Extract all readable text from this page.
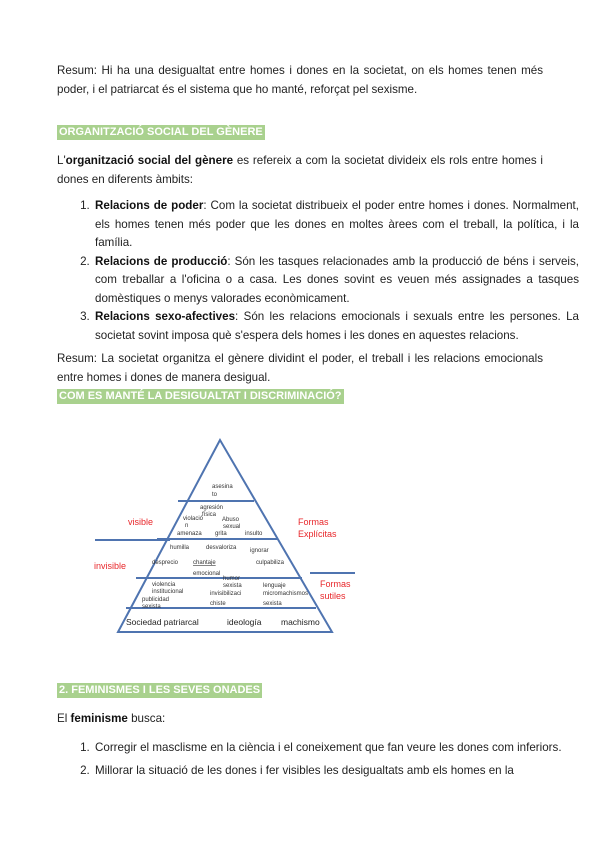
Resum: Hi ha una desigualtat entre homes i dones en la societat, on els homes tenen més poder, i el patriarcat és el sistema que ho manté, reforçat pel sexisme.

ORGANITZACIÓ SOCIAL DEL GÈNERE

L'organització social del gènere es refereix a com la societat divideix els rols entre homes i dones en diferents àmbits:

1. Relacions de poder: Com la societat distribueix el poder entre homes i dones. Normalment, els homes tenen més poder que les dones en moltes àrees com el treball, la política, i la família.
2. Relacions de producció: Són les tasques relacionades amb la producció de béns i serveis, com treballar a l'oficina o a casa. Les dones sovint es veuen més assignades a tasques domèstiques o menys valorades econòmicament.
3. Relacions sexo-afectives: Són les relacions emocionals i sexuals entre les persones. La societat sovint imposa què s'espera dels homes i les dones en aquestes relacions.

Resum: La societat organitza el gènere dividint el poder, el treball i les relacions emocionals entre homes i dones de manera desigual.

COM ES MANTÉ LA DESIGUALTAT I DISCRIMINACIÓ?
asesina
to
agresión
física
violació
n
Abuso
sexual
amenaza grita	insulto
humilla	desvaloriza ignorar
desprecio chantaje	culpabiliza
emocional
violencia
institucional
publicidad
sexista
humor
sexista
invisibilizaci
chiste
lenguaje
micromachismos
sexista
Sociedad patriarcal	ideología machismo
visible
invisible
Formas
Explícitas
Formas
sutiles
2. FEMINISMES I LES SEVES ONADES

El feminisme busca:

1. Corregir el masclisme en la ciència i el coneixement que fan veure les dones com inferiors.
2. Millorar la situació de les dones i fer visibles les desigualtats amb els homes en la
